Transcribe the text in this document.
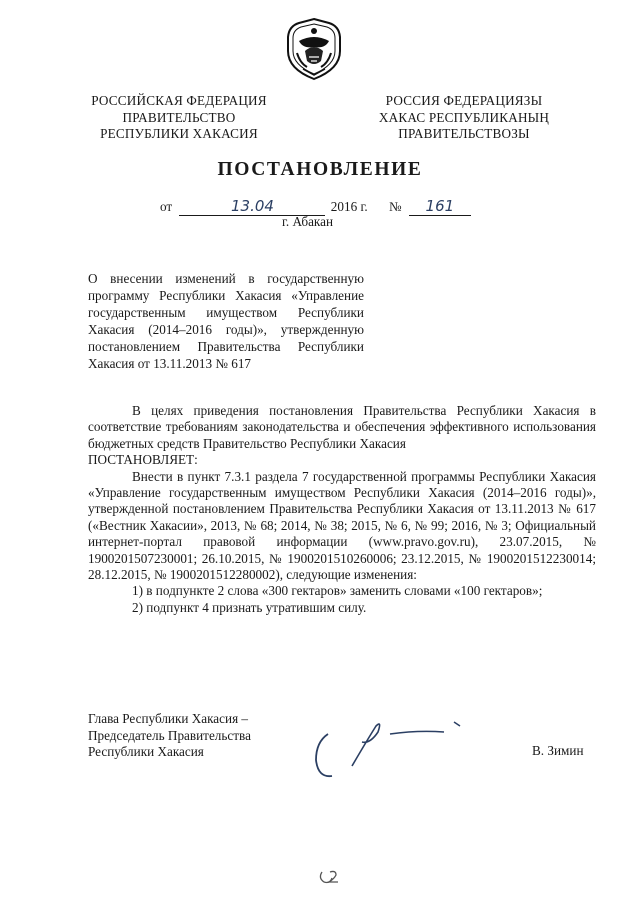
РОССИЙСКАЯ ФЕДЕРАЦИЯ
ПРАВИТЕЛЬСТВО
РЕСПУБЛИКИ ХАКАСИЯ
РОССИЯ ФЕДЕРАЦИЯЗЫ
ХАКАС РЕСПУБЛИКАНЫҢ
ПРАВИТЕЛЬСТВОЗЫ
ПОСТАНОВЛЕНИЕ
от	13.04	2016 г. № 161
г. Абакан
О внесении изменений в государственную программу Республики Хакасия «Управление государственным имуществом Республики Хакасия (2014–2016 годы)», утвержденную постановлением Правительства Республики Хакасия от 13.11.2013 № 617
В целях приведения постановления Правительства Республики Хакасия в соответствие требованиям законодательства и обеспечения эффективного использования бюджетных средств Правительство Республики Хакасия
ПОСТАНОВЛЯЕТ:
Внести в пункт 7.3.1 раздела 7 государственной программы Республики Хакасия «Управление государственным имуществом Республики Хакасия (2014–2016 годы)», утвержденной постановлением Правительства Республики Хакасия от 13.11.2013 № 617 («Вестник Хакасии», 2013, № 68; 2014, № 38; 2015, № 6, № 99; 2016, № 3; Официальный интернет-портал правовой информации (www.pravo.gov.ru), 23.07.2015, № 1900201507230001; 26.10.2015, № 1900201510260006; 23.12.2015, № 1900201512230014; 28.12.2015, № 1900201512280002), следующие изменения:
1) в подпункте 2 слова «300 гектаров» заменить словами «100 гектаров»;
2) подпункт 4 признать утратившим силу.
Глава Республики Хакасия –
Председатель Правительства
Республики Хакасия	В. Зимин
